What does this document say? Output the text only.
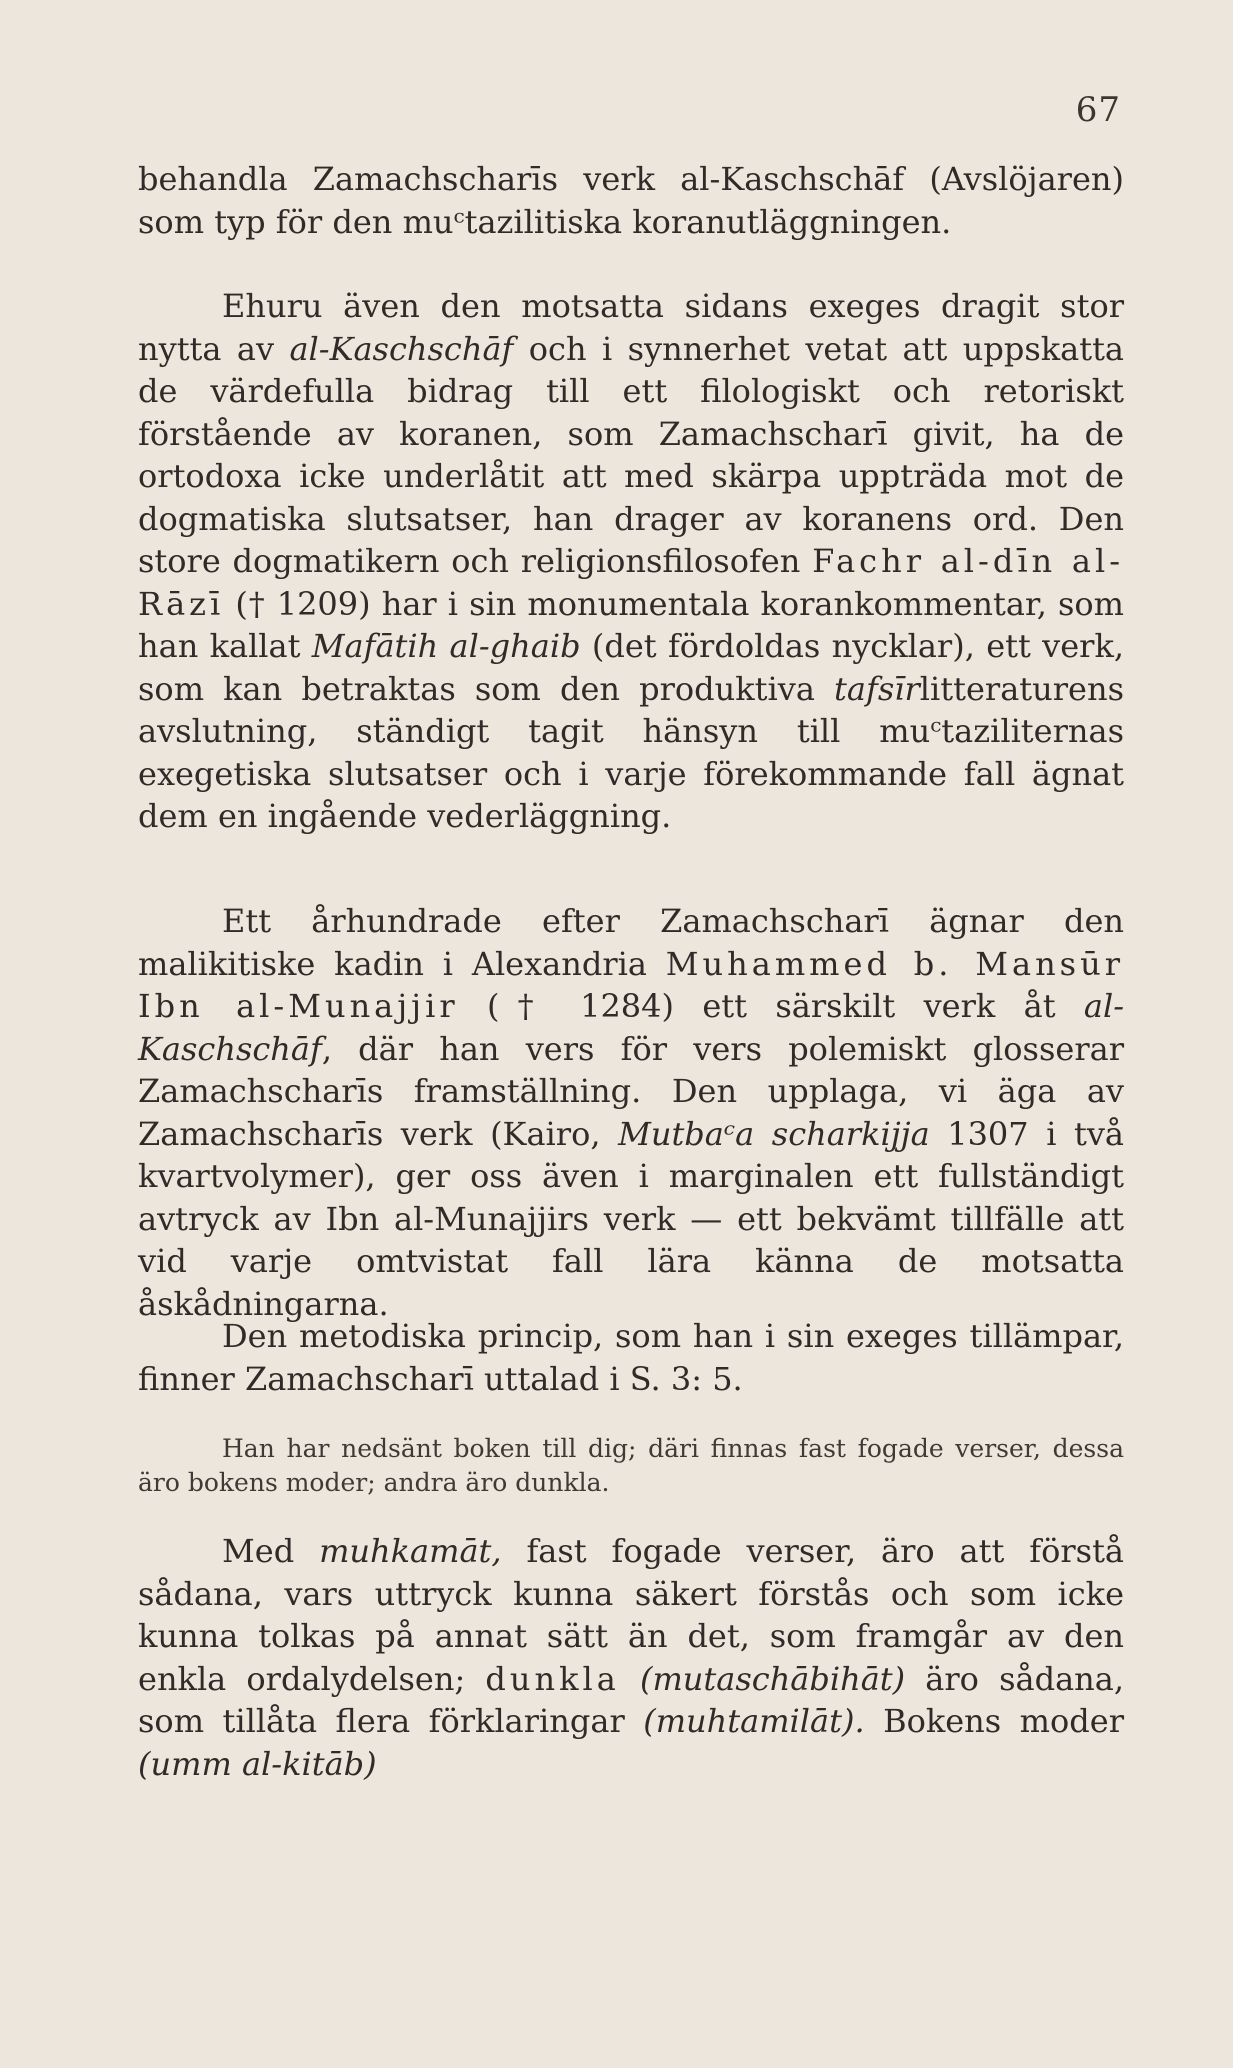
67

behandla Zamachscharīs verk al-Kaschschāf (Avslöjaren) som typ för den muᶜtazilitiska koranutläggningen.

Ehuru även den motsatta sidans exeges dragit stor nytta av al-Kaschschāf och i synnerhet vetat att uppskatta de värdefulla bidrag till ett filologiskt och retoriskt förstående av koranen, som Zamachscharī givit, ha de ortodoxa icke underlåtit att med skärpa uppträda mot de dogmatiska slutsatser, han drager av koranens ord. Den store dogmatikern och religionsfilosofen Fachr al-dīn al-Rāzī († 1209) har i sin monumentala korankommentar, som han kallat Mafātih al-ghaib (det fördoldas nycklar), ett verk, som kan betraktas som den produktiva tafsīrlitteraturens avslutning, ständigt tagit hänsyn till muᶜtaziliternas exegetiska slutsatser och i varje förekommande fall ägnat dem en ingående vederläggning.

Ett århundrade efter Zamachscharī ägnar den malikitiske kadin i Alexandria Muhammed b. Mansūr Ibn al-Munajjir († 1284) ett särskilt verk åt al-Kaschschāf, där han vers för vers polemiskt glosserar Zamachscharīs framställning. Den upplaga, vi äga av Zamachscharīs verk (Kairo, Mutbaᶜa scharkijja 1307 i två kvartvolymer), ger oss även i marginalen ett fullständigt avtryck av Ibn al-Munajjirs verk — ett bekvämt tillfälle att vid varje omtvistat fall lära känna de motsatta åskådningarna.

Den metodiska princip, som han i sin exeges tillämpar, finner Zamachscharī uttalad i S. 3: 5.

Han har nedsänt boken till dig; däri finnas fast fogade verser, dessa äro bokens moder; andra äro dunkla.

Med muhkamāt, fast fogade verser, äro att förstå sådana, vars uttryck kunna säkert förstås och som icke kunna tolkas på annat sätt än det, som framgår av den enkla ordalydelsen; dunkla (mutaschābihāt) äro sådana, som tillåta flera förklaringar (muhtamilāt). Bokens moder (umm al-kitāb)
